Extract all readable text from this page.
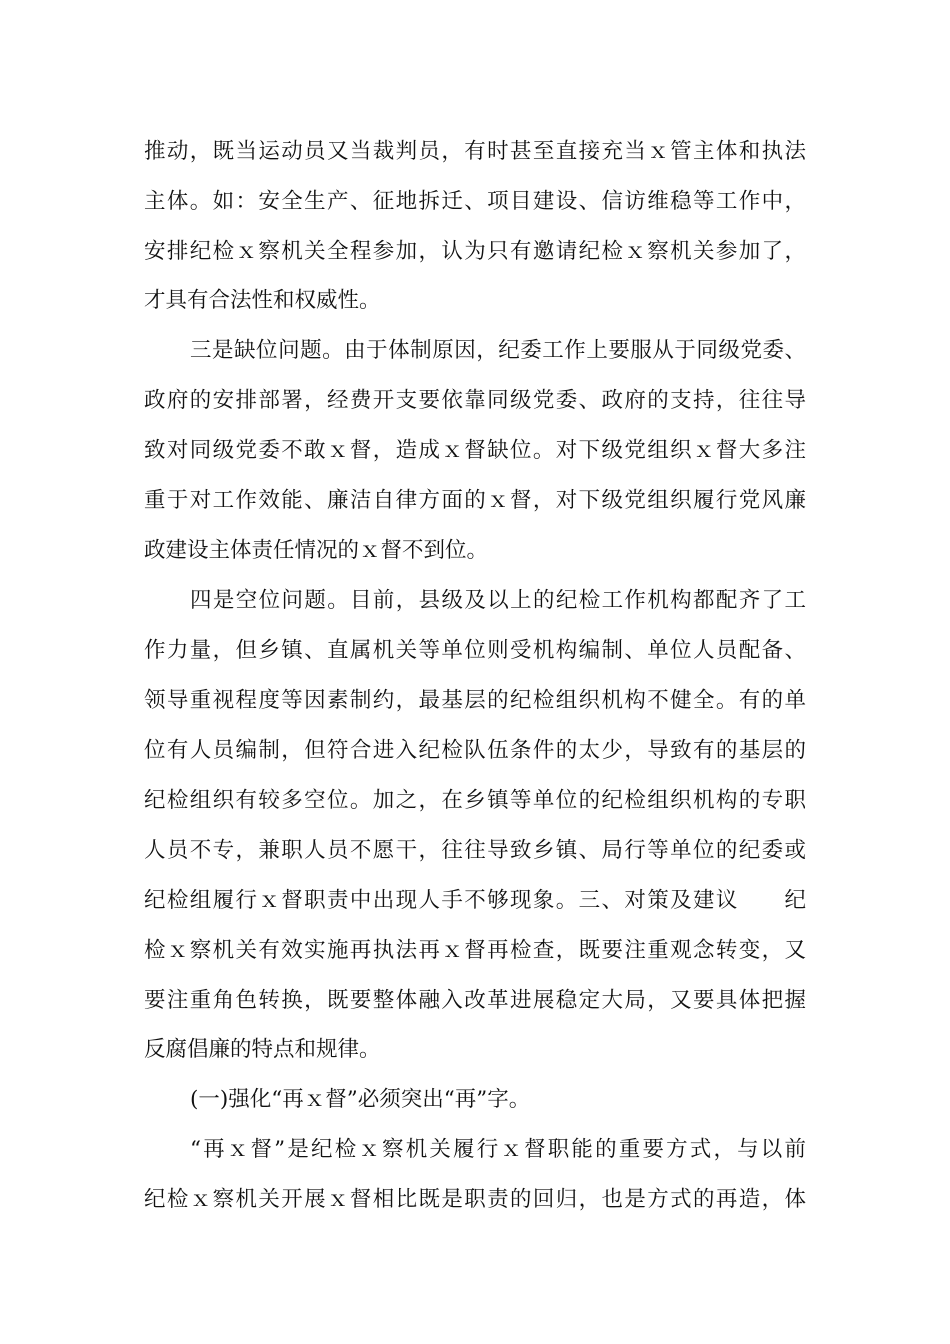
推动，既当运动员又当裁判员，有时甚至直接充当ｘ管主体和执法
主体。如：安全生产、征地拆迁、项目建设、信访维稳等工作中，
安排纪检ｘ察机关全程参加，认为只有邀请纪检ｘ察机关参加了，
才具有合法性和权威性。
三是缺位问题。由于体制原因，纪委工作上要服从于同级党委、
政府的安排部署，经费开支要依靠同级党委、政府的支持，往往导
致对同级党委不敢ｘ督，造成ｘ督缺位。对下级党组织ｘ督大多注
重于对工作效能、廉洁自律方面的ｘ督，对下级党组织履行党风廉
政建设主体责任情况的ｘ督不到位。
四是空位问题。目前，县级及以上的纪检工作机构都配齐了工
作力量，但乡镇、直属机关等单位则受机构编制、单位人员配备、
领导重视程度等因素制约，最基层的纪检组织机构不健全。有的单
位有人员编制，但符合进入纪检队伍条件的太少，导致有的基层的
纪检组织有较多空位。加之，在乡镇等单位的纪检组织机构的专职
人员不专，兼职人员不愿干，往往导致乡镇、局行等单位的纪委或
纪检组履行ｘ督职责中出现人手不够现象。三、对策及建议　　纪
检ｘ察机关有效实施再执法再ｘ督再检查，既要注重观念转变，又
要注重角色转换，既要整体融入改革进展稳定大局，又要具体把握
反腐倡廉的特点和规律。
(一)强化“再ｘ督”必须突出“再”字。
“再ｘ督”是纪检ｘ察机关履行ｘ督职能的重要方式，与以前
纪检ｘ察机关开展ｘ督相比既是职责的回归，也是方式的再造，体
